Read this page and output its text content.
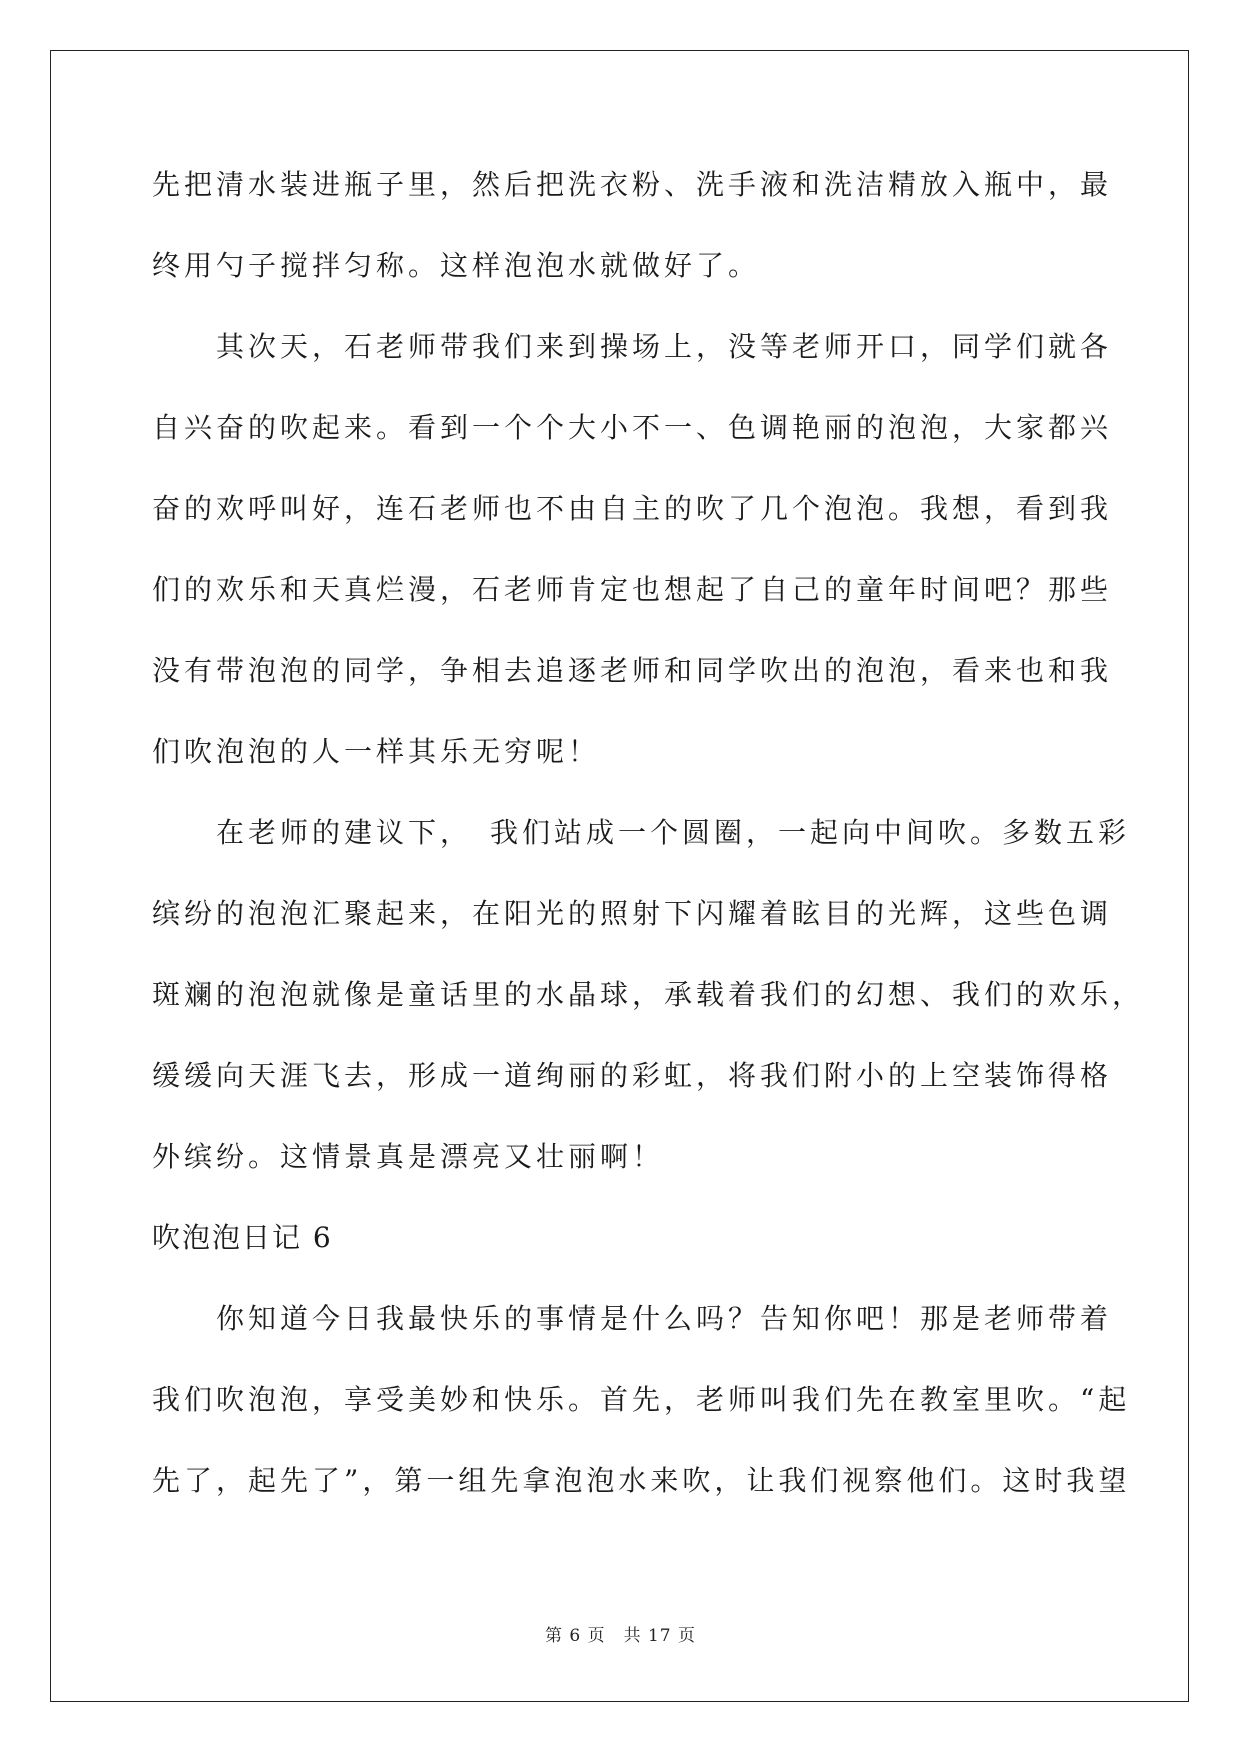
先把清水装进瓶子里，然后把洗衣粉、洗手液和洗洁精放入瓶中，最
终用勺子搅拌匀称。这样泡泡水就做好了。
　　其次天，石老师带我们来到操场上，没等老师开口，同学们就各
自兴奋的吹起来。看到一个个大小不一、色调艳丽的泡泡，大家都兴
奋的欢呼叫好，连石老师也不由自主的吹了几个泡泡。我想，看到我
们的欢乐和天真烂漫，石老师肯定也想起了自己的童年时间吧？那些
没有带泡泡的同学，争相去追逐老师和同学吹出的泡泡，看来也和我
们吹泡泡的人一样其乐无穷呢！
　　在老师的建议下，　我们站成一个圆圈，一起向中间吹。多数五彩
缤纷的泡泡汇聚起来，在阳光的照射下闪耀着眩目的光辉，这些色调
斑斓的泡泡就像是童话里的水晶球，承载着我们的幻想、我们的欢乐，
缓缓向天涯飞去，形成一道绚丽的彩虹，将我们附小的上空装饰得格
外缤纷。这情景真是漂亮又壮丽啊！
吹泡泡日记 6
　　你知道今日我最快乐的事情是什么吗？告知你吧！那是老师带着
我们吹泡泡，享受美妙和快乐。首先，老师叫我们先在教室里吹。“起
先了，起先了”，第一组先拿泡泡水来吹，让我们视察他们。这时我望
第 6 页　共 17 页
